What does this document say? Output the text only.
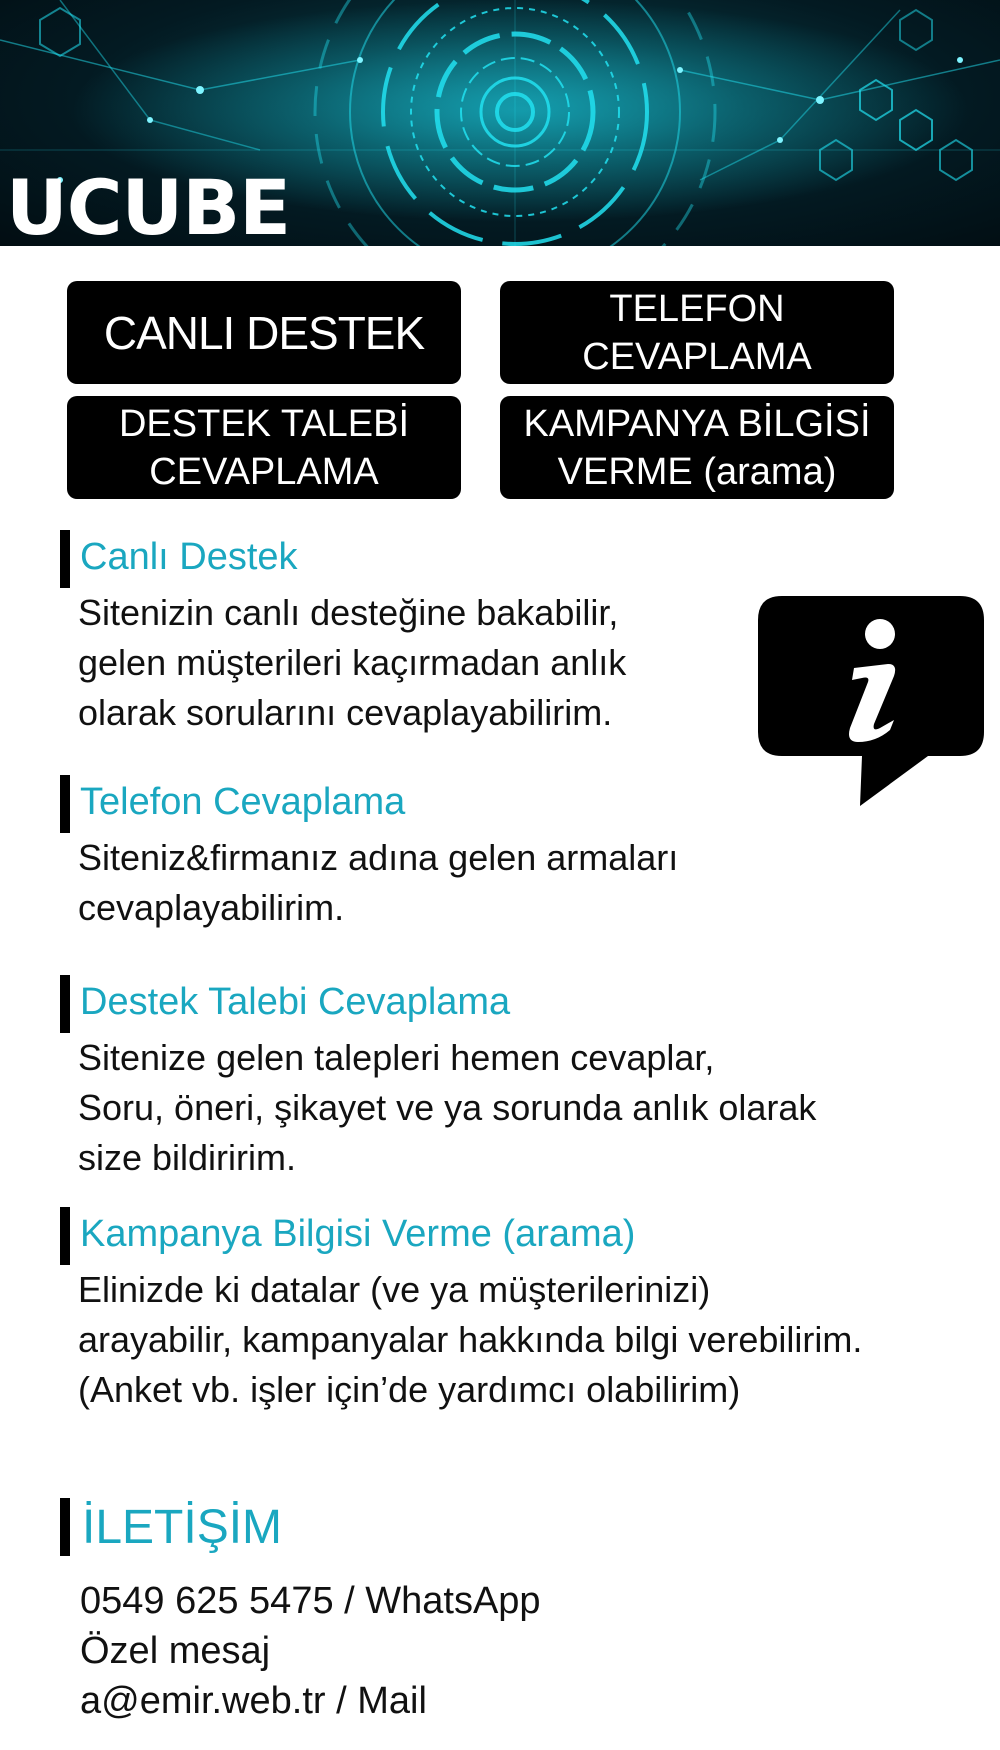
UCUBE
CANLI DESTEK	TELEFON
CEVAPLAMA
DESTEK TALEBİ
CEVAPLAMA
KAMPANYA BİLGİSİ
VERME (arama)
Canlı Destek
Sitenizin canlı desteğine bakabilir,
gelen müşterileri kaçırmadan anlık
olarak sorularını cevaplayabilirim.
Telefon Cevaplama
Siteniz&firmanız adına gelen armaları
cevaplayabilirim.
Destek Talebi Cevaplama
Sitenize gelen talepleri hemen cevaplar,
Soru, öneri, şikayet ve ya sorunda anlık olarak
size bildiririm.
Kampanya Bilgisi Verme (arama)
Elinizde ki datalar (ve ya müşterilerinizi)
arayabilir, kampanyalar hakkında bilgi verebilirim.
(Anket vb. işler için’de yardımcı olabilirim)
İLETİŞİM
0549 625 5475 / WhatsApp
Özel mesaj
a@emir.web.tr / Mail
